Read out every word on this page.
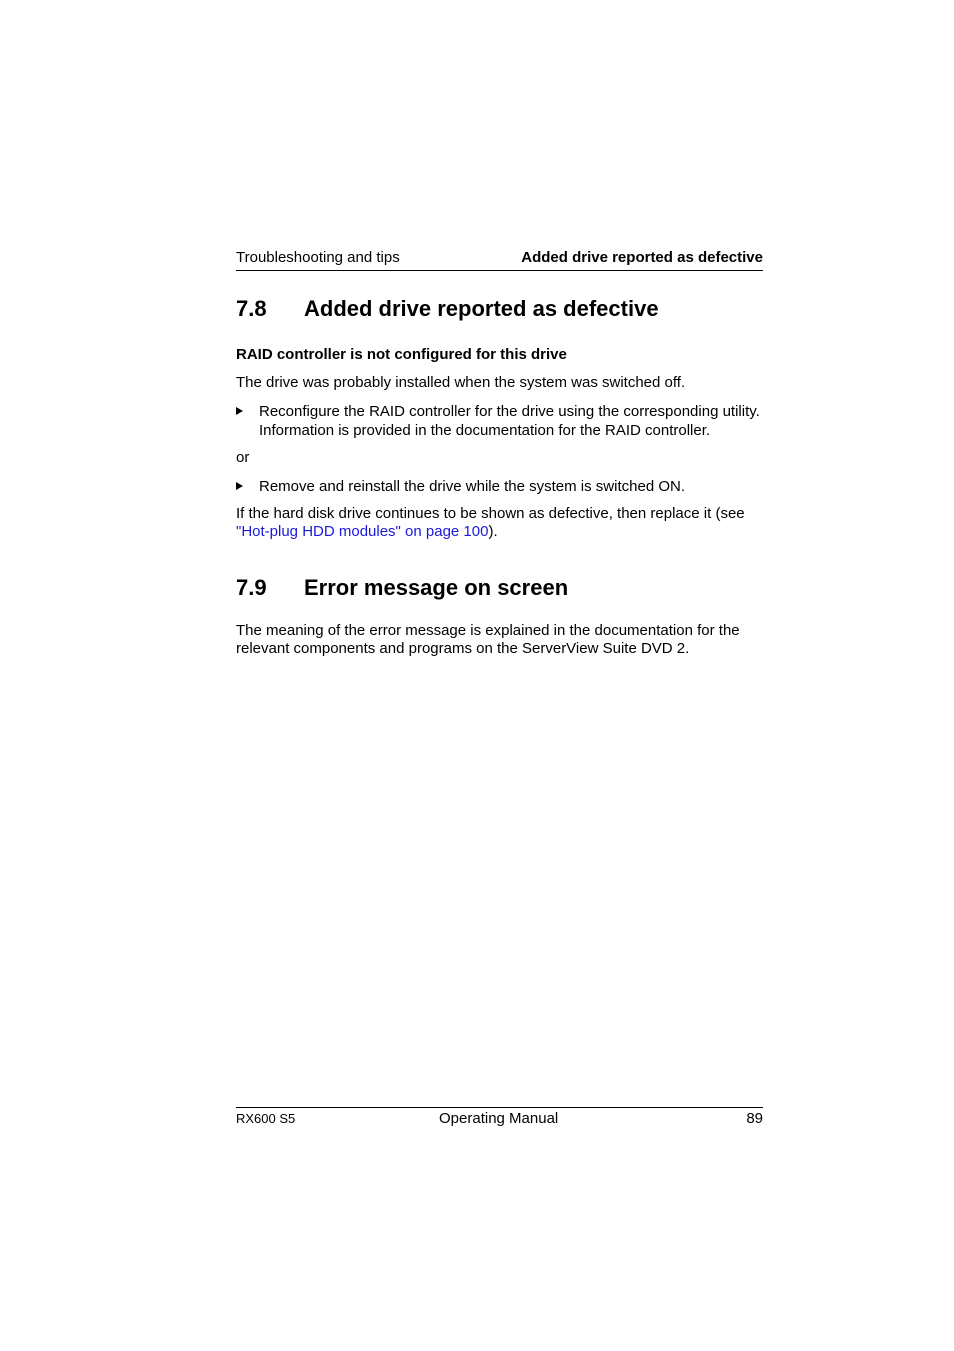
Troubleshooting and tips	Added drive reported as defective
7.8 Added drive reported as defective
RAID controller is not configured for this drive
The drive was probably installed when the system was switched off.
Reconfigure the RAID controller for the drive using the corresponding utility.
Information is provided in the documentation for the RAID controller.
or
Remove and reinstall the drive while the system is switched ON.
If the hard disk drive continues to be shown as defective, then replace it (see
"Hot-plug HDD modules" on page 100).
7.9 Error message on screen
The meaning of the error message is explained in the documentation for the
relevant components and programs on the ServerView Suite DVD 2.
RX600 S5	Operating Manual	89
